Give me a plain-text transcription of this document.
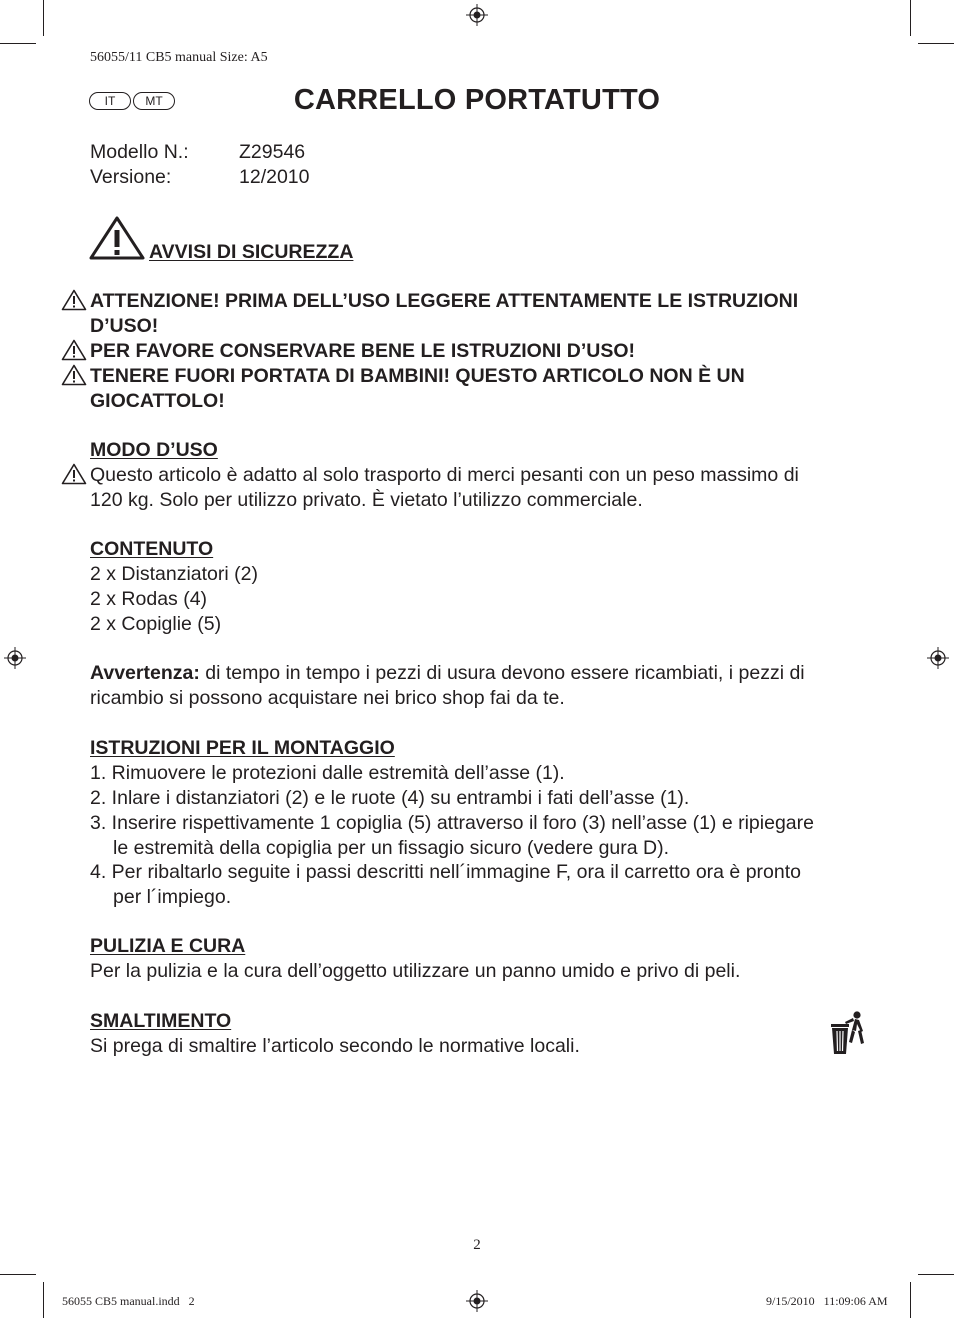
56055/11 CB5 manual Size: A5
IT	MT	CARRELLO PORTATUTTO
Modello N.:	Z29546
Versione:	12/2010
AVVISI DI SICUREZZA
ATTENZIONE! PRIMA DELL’USO LEGGERE ATTENTAMENTE LE ISTRUZIONI
D’USO!
PER FAVORE CONSERVARE BENE LE ISTRUZIONI D’USO!
TENERE FUORI PORTATA DI BAMBINI! QUESTO ARTICOLO NON È UN
GIOCATTOLO!
MODO D’USO
Questo articolo è adatto al solo trasporto di merci pesanti con un peso massimo di
120 kg. Solo per utilizzo privato. È vietato l’utilizzo commerciale.
CONTENUTO
2 x Distanziatori (2)
2 x Rodas (4)
2 x Copiglie (5)
Avvertenza: di tempo in tempo i pezzi di usura devono essere ricambiati, i pezzi di
ricambio si possono acquistare nei brico shop fai da te.
ISTRUZIONI PER IL MONTAGGIO
1. Rimuovere le protezioni dalle estremità dell’asse (1).
2. Inlare i distanziatori (2) e le ruote (4) su entrambi i fati dell’asse (1).
3. Inserire rispettivamente 1 copiglia (5) attraverso il foro (3) nell’asse (1) e ripiegare
le estremità della copiglia per un fissagio sicuro (vedere gura D).
4. Per ribaltarlo seguite i passi descritti nell´immagine F, ora il carretto ora è pronto
per l´impiego.
PULIZIA E CURA
Per la pulizia e la cura dell’oggetto utilizzare un panno umido e privo di peli.
SMALTIMENTO
Si prega di smaltire l’articolo secondo le normative locali.
2
56055 CB5 manual.indd   2	9/15/2010   11:09:06 AM
